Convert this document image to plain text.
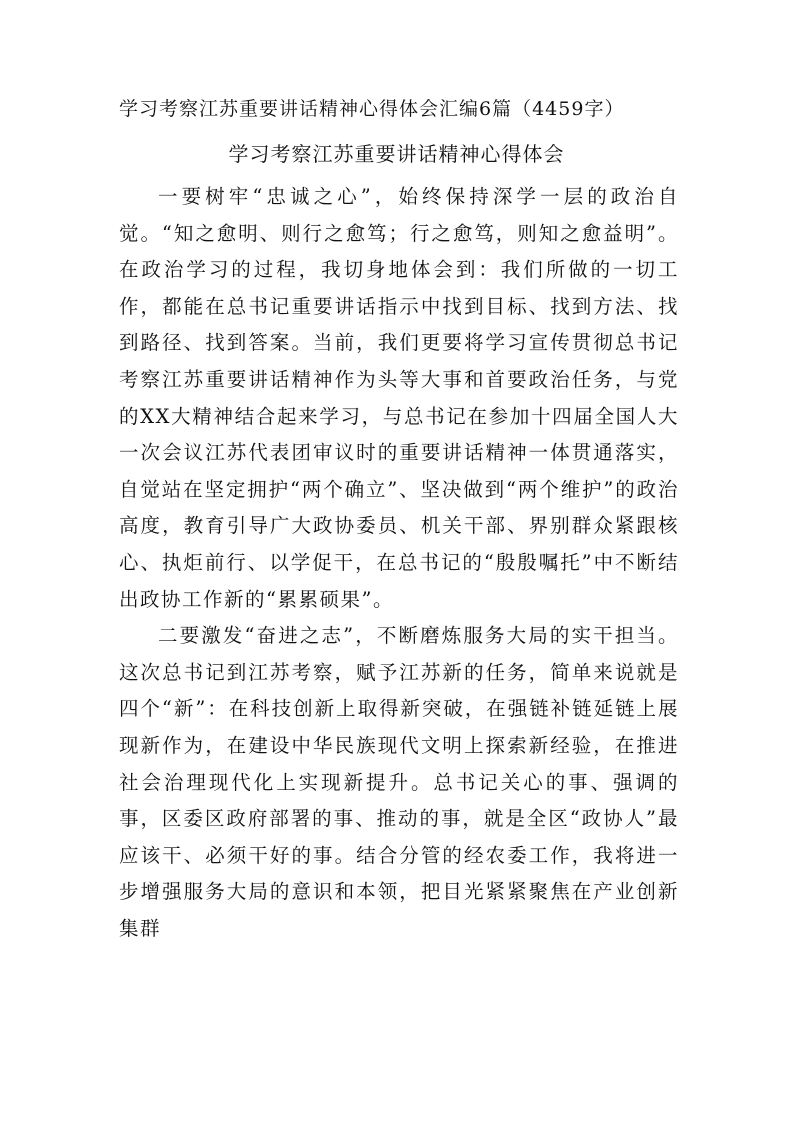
学习考察江苏重要讲话精神心得体会汇编6篇（4459字）

学习考察江苏重要讲话精神心得体会

一要树牢“忠诚之心”，始终保持深学一层的政治自觉。“知之愈明、则行之愈笃；行之愈笃，则知之愈益明”。在政治学习的过程，我切身地体会到：我们所做的一切工作，都能在总书记重要讲话指示中找到目标、找到方法、找到路径、找到答案。当前，我们更要将学习宣传贯彻总书记考察江苏重要讲话精神作为头等大事和首要政治任务，与党的XX大精神结合起来学习，与总书记在参加十四届全国人大一次会议江苏代表团审议时的重要讲话精神一体贯通落实，自觉站在坚定拥护“两个确立”、坚决做到“两个维护”的政治高度，教育引导广大政协委员、机关干部、界别群众紧跟核心、执炬前行、以学促干，在总书记的“殷殷嘱托”中不断结出政协工作新的“累累硕果”。

二要激发“奋进之志”，不断磨炼服务大局的实干担当。这次总书记到江苏考察，赋予江苏新的任务，简单来说就是四个“新”：在科技创新上取得新突破，在强链补链延链上展现新作为，在建设中华民族现代文明上探索新经验，在推进社会治理现代化上实现新提升。总书记关心的事、强调的事，区委区政府部署的事、推动的事，就是全区“政协人”最应该干、必须干好的事。结合分管的经农委工作，我将进一步增强服务大局的意识和本领，把目光紧紧聚焦在产业创新集群
